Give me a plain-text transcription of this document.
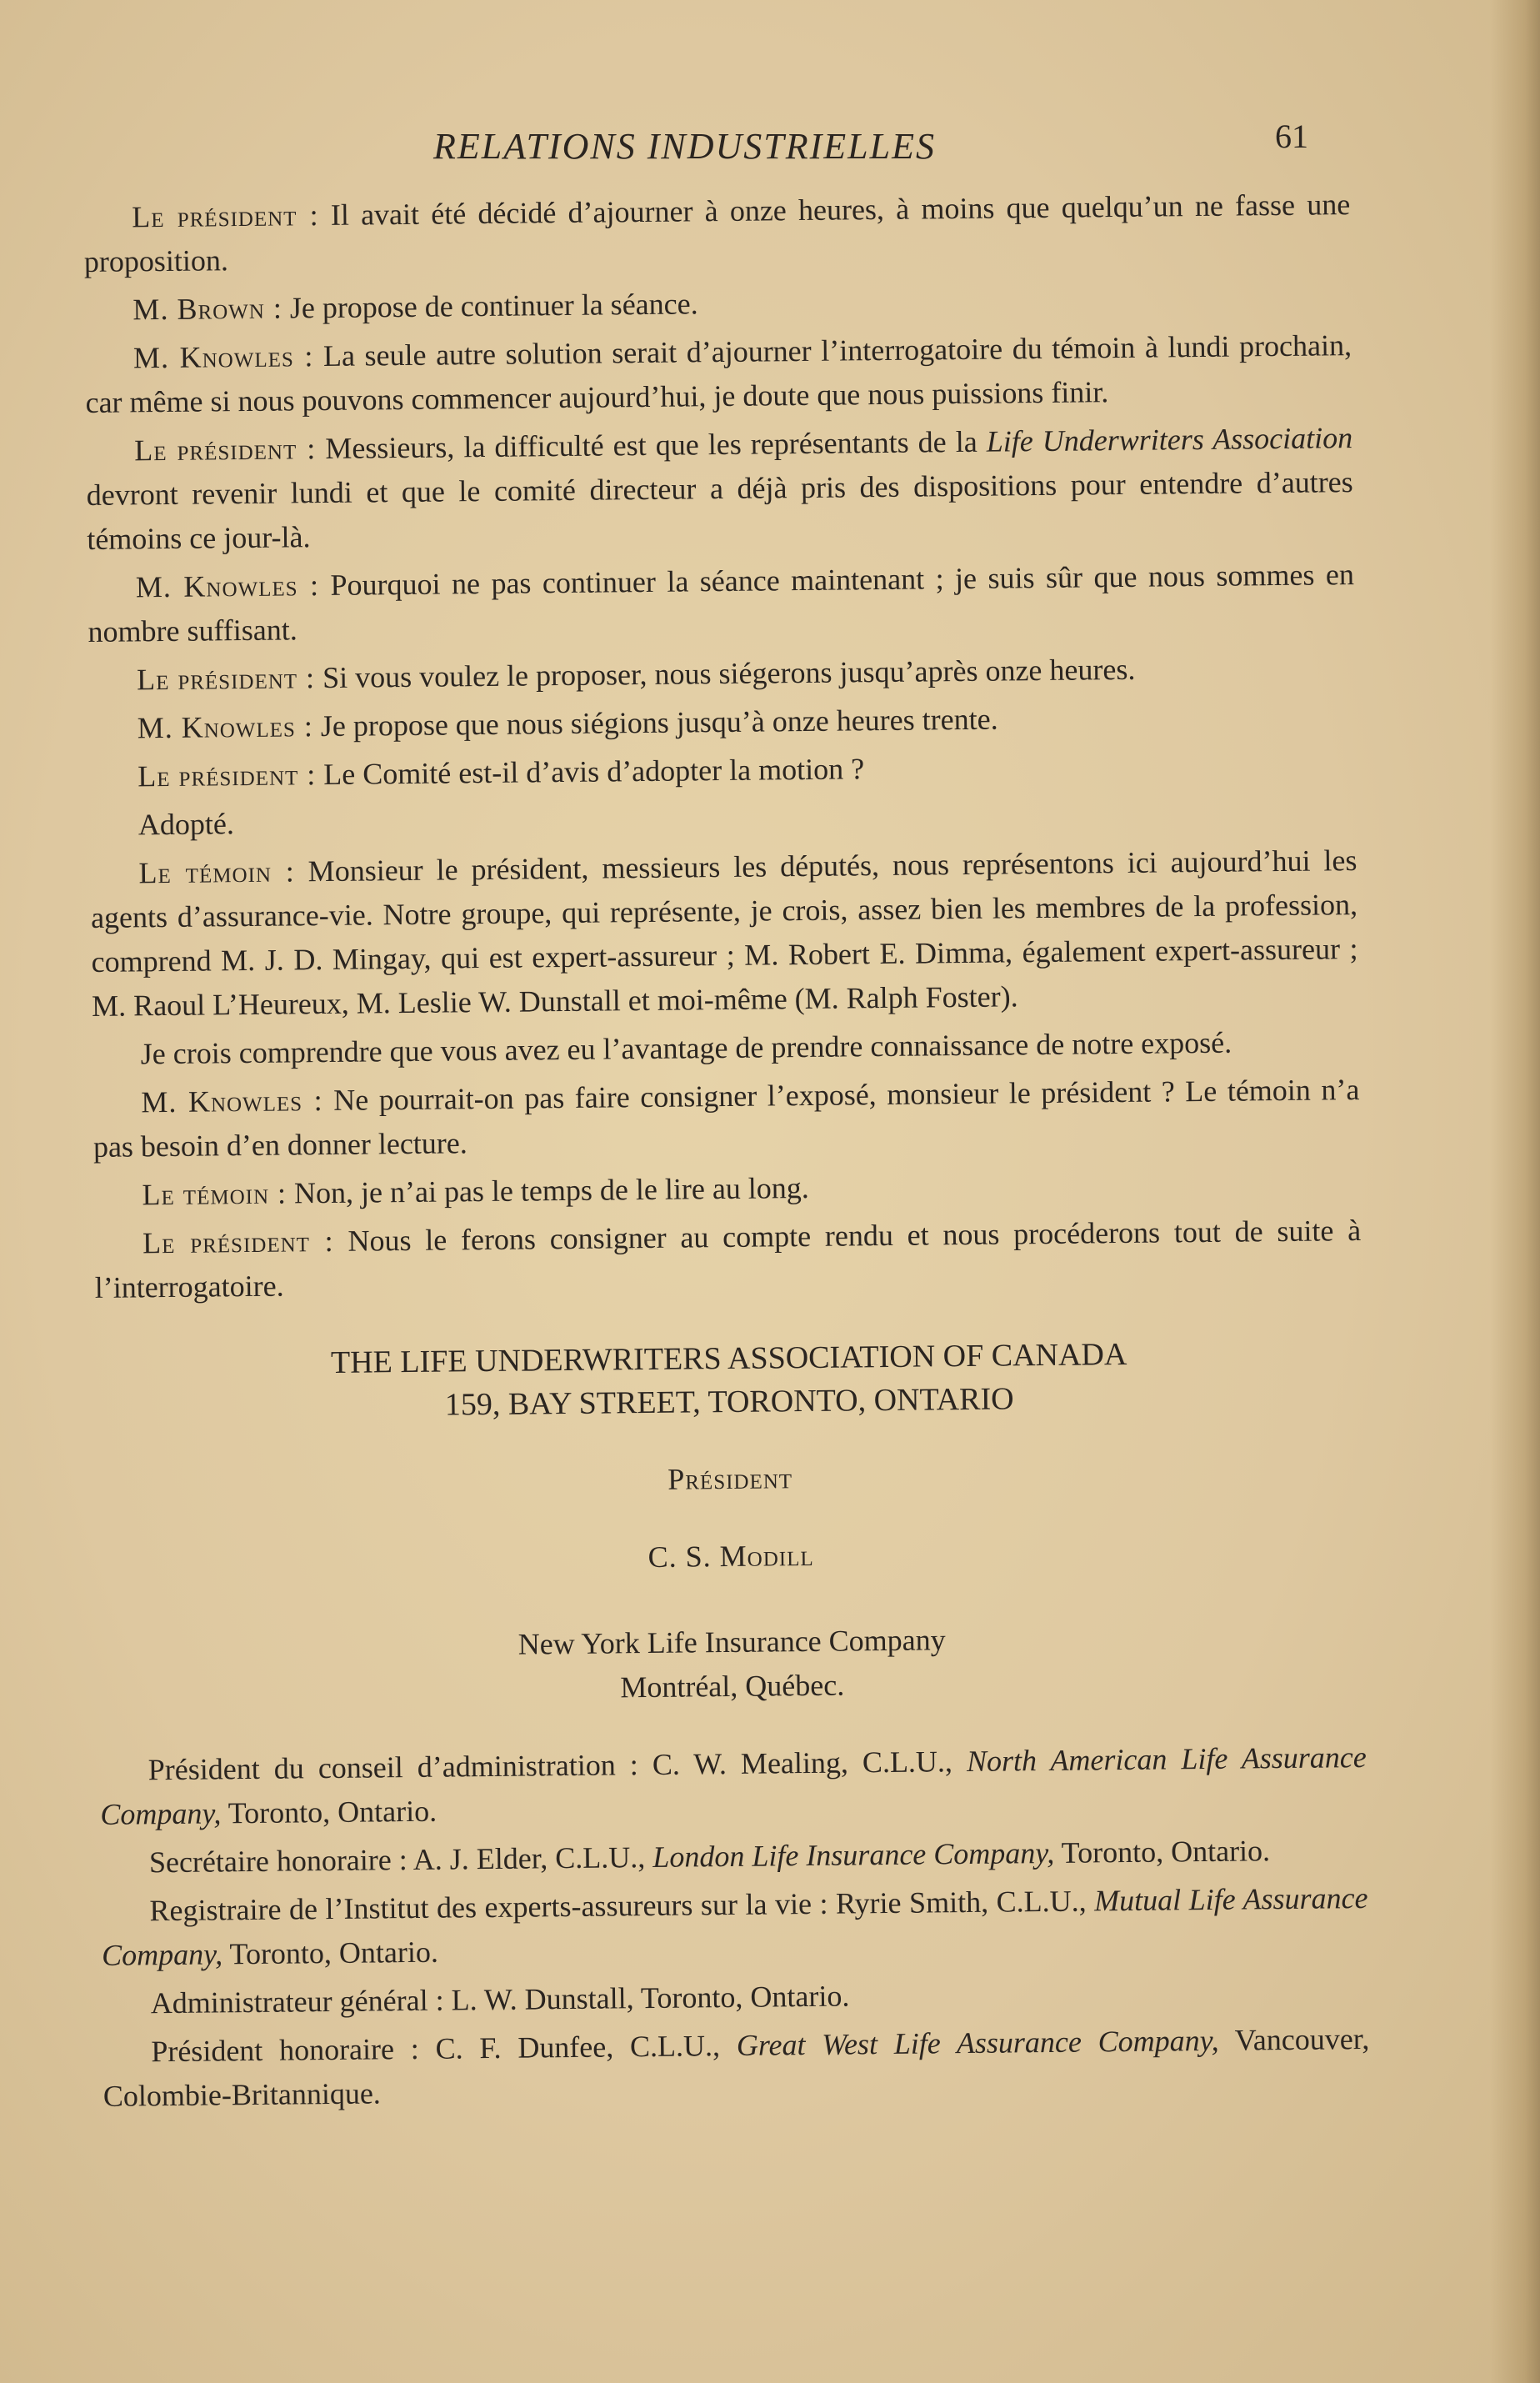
RELATIONS INDUSTRIELLES	61

Le président : Il avait été décidé d’ajourner à onze heures, à moins que quelqu’un ne fasse une proposition.

M. Brown : Je propose de continuer la séance.

M. Knowles : La seule autre solution serait d’ajourner l’interrogatoire du témoin à lundi prochain, car même si nous pouvons commencer aujourd’hui, je doute que nous puissions finir.

Le président : Messieurs, la difficulté est que les représentants de la Life Underwriters Association devront revenir lundi et que le comité directeur a déjà pris des dispositions pour entendre d’autres témoins ce jour-là.

M. Knowles : Pourquoi ne pas continuer la séance maintenant ; je suis sûr que nous sommes en nombre suffisant.

Le président : Si vous voulez le proposer, nous siégerons jusqu’après onze heures.

M. Knowles : Je propose que nous siégions jusqu’à onze heures trente.

Le président : Le Comité est-il d’avis d’adopter la motion ?

Adopté.

Le témoin : Monsieur le président, messieurs les députés, nous représentons ici aujourd’hui les agents d’assurance-vie. Notre groupe, qui représente, je crois, assez bien les membres de la profession, comprend M. J. D. Mingay, qui est expert-assureur ; M. Robert E. Dimma, également expert-assureur ; M. Raoul L’Heureux, M. Leslie W. Dunstall et moi-même (M. Ralph Foster).

Je crois comprendre que vous avez eu l’avantage de prendre connaissance de notre exposé.

M. Knowles : Ne pourrait-on pas faire consigner l’exposé, monsieur le président ? Le témoin n’a pas besoin d’en donner lecture.

Le témoin : Non, je n’ai pas le temps de le lire au long.

Le président : Nous le ferons consigner au compte rendu et nous procéderons tout de suite à l’interrogatoire.

THE LIFE UNDERWRITERS ASSOCIATION OF CANADA
159, BAY STREET, TORONTO, ONTARIO

Président

C. S. Modill

New York Life Insurance Company
Montréal, Québec.

Président du conseil d’administration : C. W. Mealing, C.L.U., North American Life Assurance Company, Toronto, Ontario.

Secrétaire honoraire : A. J. Elder, C.L.U., London Life Insurance Company, Toronto, Ontario.

Registraire de l’Institut des experts-assureurs sur la vie : Ryrie Smith, C.L.U., Mutual Life Assurance Company, Toronto, Ontario.

Administrateur général : L. W. Dunstall, Toronto, Ontario.

Président honoraire : C. F. Dunfee, C.L.U., Great West Life Assurance Company, Vancouver, Colombie-Britannique.
